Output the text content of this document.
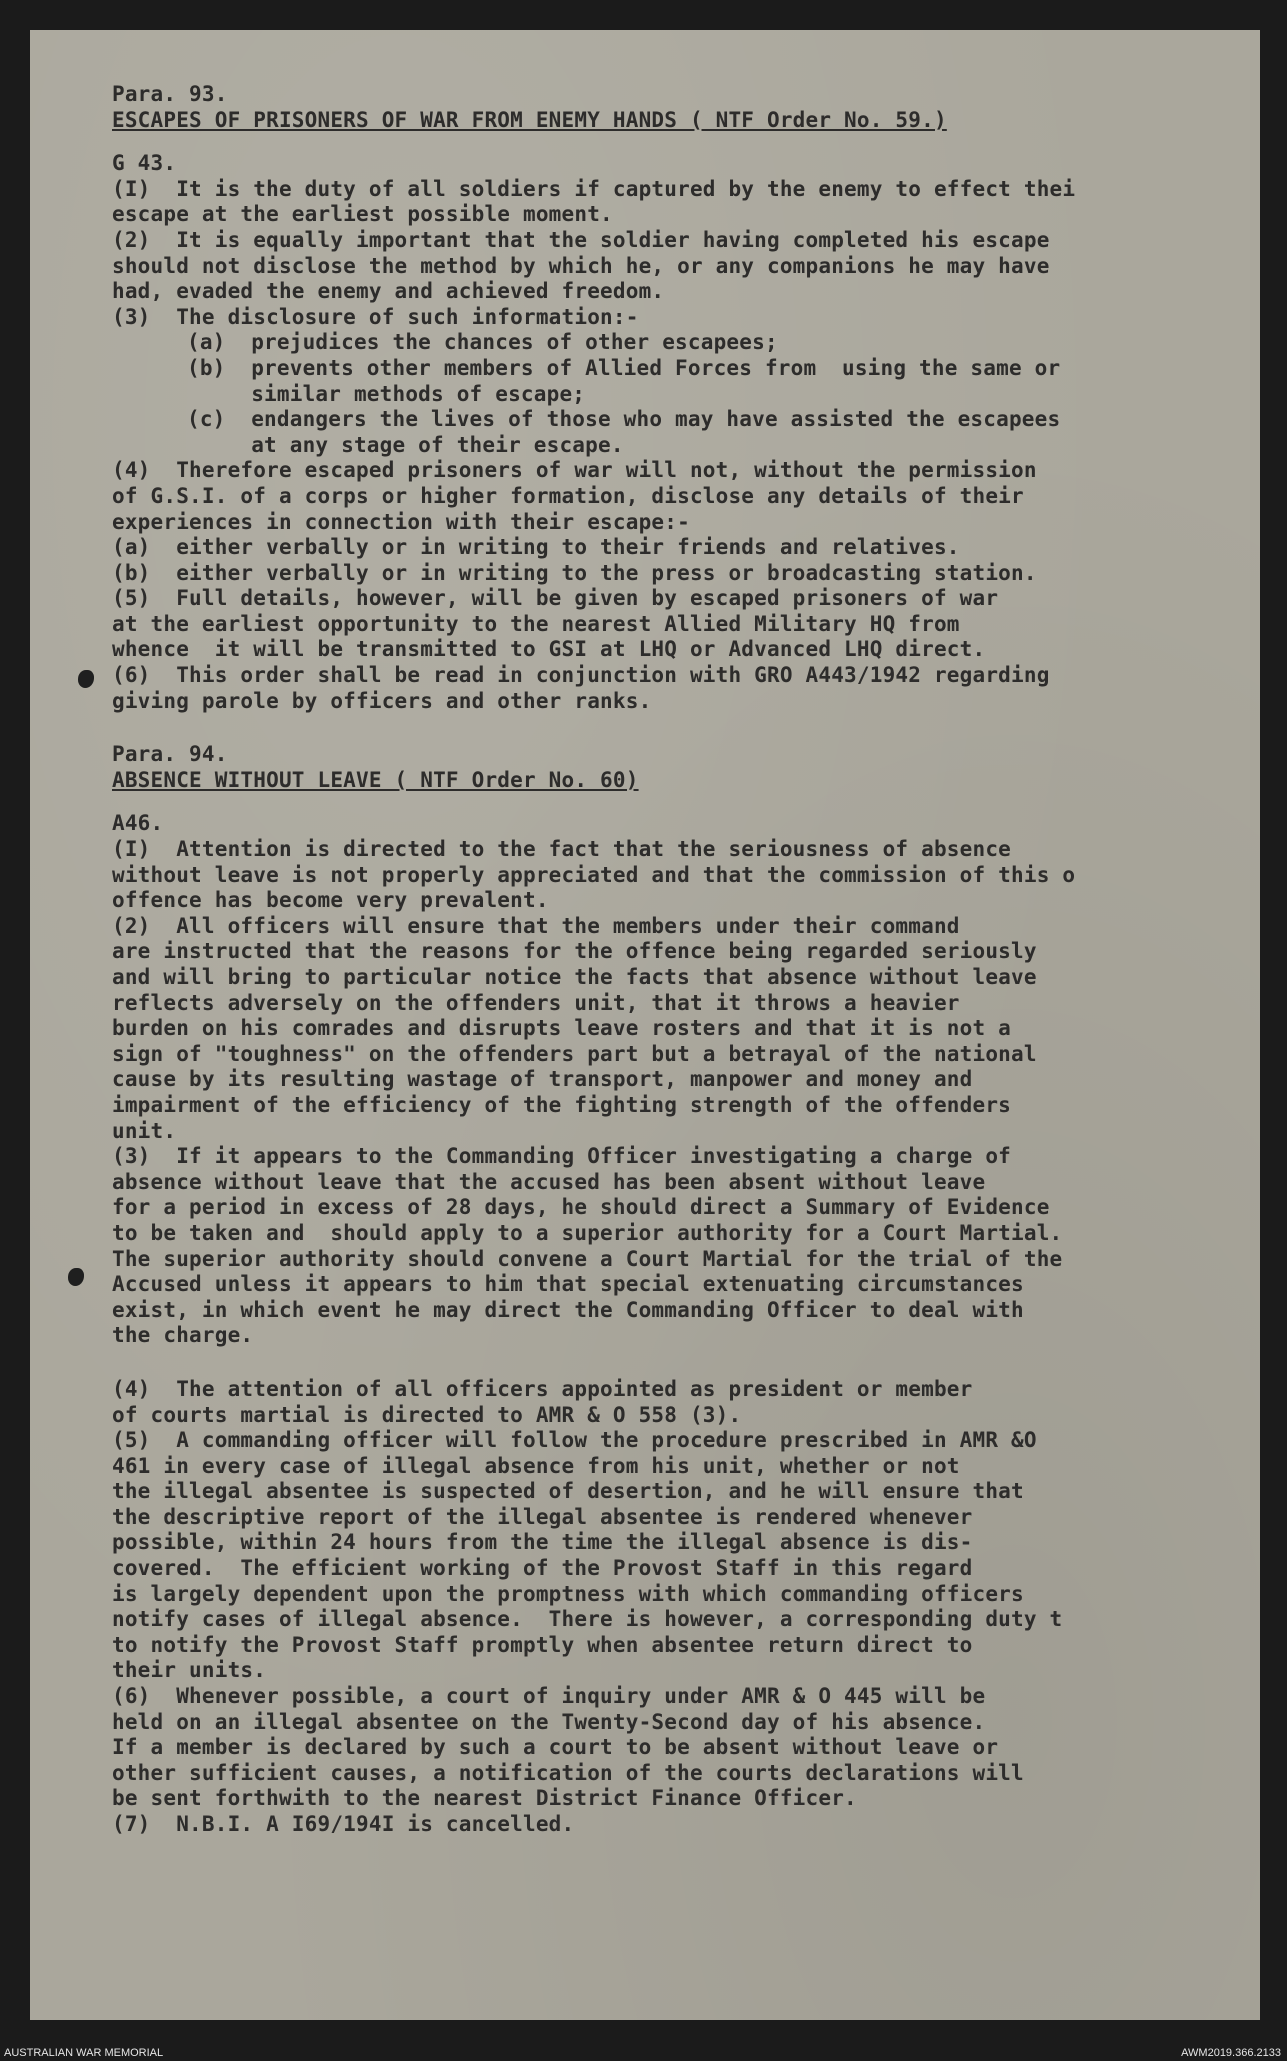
Para. 93.
ESCAPES OF PRISONERS OF WAR FROM ENEMY HANDS ( NTF Order No. 59.)
G 43.
(I)  It is the duty of all soldiers if captured by the enemy to effect thei
escape at the earliest possible moment.
(2)  It is equally important that the soldier having completed his escape
should not disclose the method by which he, or any companions he may have
had, evaded the enemy and achieved freedom.
(3)  The disclosure of such information:-
(a)  prejudices the chances of other escapees;
(b)  prevents other members of Allied Forces from  using the same or
similar methods of escape;
(c)  endangers the lives of those who may have assisted the escapees
at any stage of their escape.
(4)  Therefore escaped prisoners of war will not, without the permission
of G.S.I. of a corps or higher formation, disclose any details of their
experiences in connection with their escape:-
(a)  either verbally or in writing to their friends and relatives.
(b)  either verbally or in writing to the press or broadcasting station.
(5)  Full details, however, will be given by escaped prisoners of war
at the earliest opportunity to the nearest Allied Military HQ from
whence  it will be transmitted to GSI at LHQ or Advanced LHQ direct.
(6)  This order shall be read in conjunction with GRO A443/1942 regarding
giving parole by officers and other ranks.
Para. 94.
ABSENCE WITHOUT LEAVE ( NTF Order No. 60)
A46.
(I)  Attention is directed to the fact that the seriousness of absence
without leave is not properly appreciated and that the commission of this o
offence has become very prevalent.
(2)  All officers will ensure that the members under their command
are instructed that the reasons for the offence being regarded seriously
and will bring to particular notice the facts that absence without leave
reflects adversely on the offenders unit, that it throws a heavier
burden on his comrades and disrupts leave rosters and that it is not a
sign of "toughness" on the offenders part but a betrayal of the national
cause by its resulting wastage of transport, manpower and money and
impairment of the efficiency of the fighting strength of the offenders
unit.
(3)  If it appears to the Commanding Officer investigating a charge of
absence without leave that the accused has been absent without leave
for a period in excess of 28 days, he should direct a Summary of Evidence
to be taken and  should apply to a superior authority for a Court Martial.
The superior authority should convene a Court Martial for the trial of the
Accused unless it appears to him that special extenuating circumstances
exist, in which event he may direct the Commanding Officer to deal with
the charge.
(4)  The attention of all officers appointed as president or member
of courts martial is directed to AMR & O 558 (3).
(5)  A commanding officer will follow the procedure prescribed in AMR &O
461 in every case of illegal absence from his unit, whether or not
the illegal absentee is suspected of desertion, and he will ensure that
the descriptive report of the illegal absentee is rendered whenever
possible, within 24 hours from the time the illegal absence is dis-
covered.  The efficient working of the Provost Staff in this regard
is largely dependent upon the promptness with which commanding officers
notify cases of illegal absence.  There is however, a corresponding duty t
to notify the Provost Staff promptly when absentee return direct to
their units.
(6)  Whenever possible, a court of inquiry under AMR & O 445 will be
held on an illegal absentee on the Twenty-Second day of his absence.
If a member is declared by such a court to be absent without leave or
other sufficient causes, a notification of the courts declarations will
be sent forthwith to the nearest District Finance Officer.
(7)  N.B.I. A I69/194I is cancelled.
AUSTRALIAN WAR MEMORIAL	AWM2019.366.2133
